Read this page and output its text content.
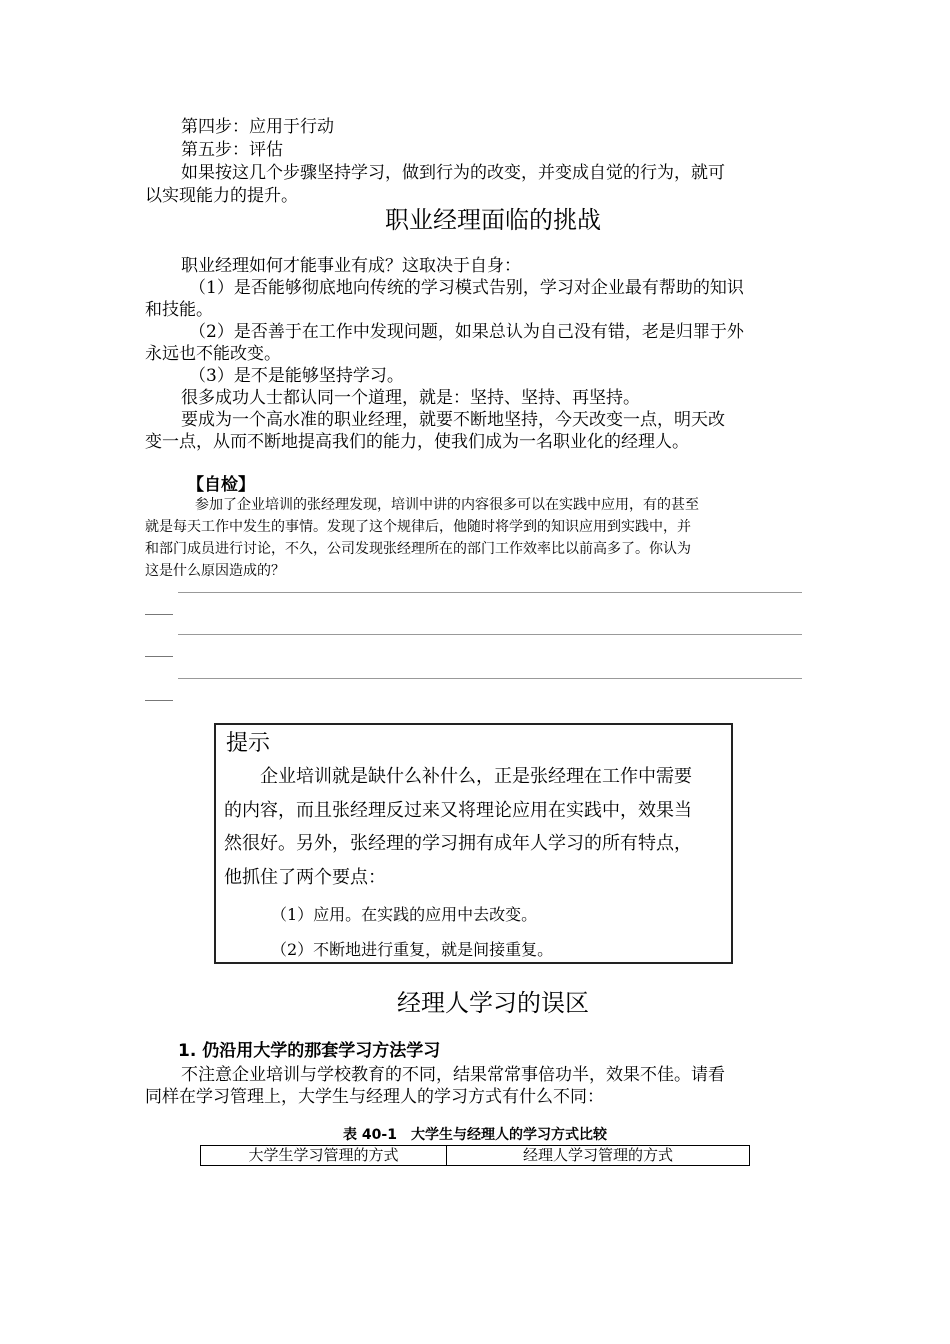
第四步：应用于行动
第五步：评估
如果按这几个步骤坚持学习，做到行为的改变，并变成自觉的行为，就可
以实现能力的提升。
职业经理面临的挑战
职业经理如何才能事业有成？这取决于自身：
（1）是否能够彻底地向传统的学习模式告别，学习对企业最有帮助的知识
和技能。
（2）是否善于在工作中发现问题，如果总认为自己没有错，老是归罪于外
永远也不能改变。
（3）是不是能够坚持学习。
很多成功人士都认同一个道理，就是：坚持、坚持、再坚持。
要成为一个高水准的职业经理，就要不断地坚持，今天改变一点，明天改
变一点，从而不断地提高我们的能力，使我们成为一名职业化的经理人。
【自检】
参加了企业培训的张经理发现，培训中讲的内容很多可以在实践中应用，有的甚至
就是每天工作中发生的事情。发现了这个规律后，他随时将学到的知识应用到实践中，并
和部门成员进行讨论，不久，公司发现张经理所在的部门工作效率比以前高多了。你认为
这是什么原因造成的？
提示
企业培训就是缺什么补什么，正是张经理在工作中需要
的内容，而且张经理反过来又将理论应用在实践中，效果当
然很好。另外，张经理的学习拥有成年人学习的所有特点，
他抓住了两个要点：
（1）应用。在实践的应用中去改变。
（2）不断地进行重复，就是间接重复。
经理人学习的误区
1. 仍沿用大学的那套学习方法学习
不注意企业培训与学校教育的不同，结果常常事倍功半，效果不佳。请看
同样在学习管理上，大学生与经理人的学习方式有什么不同：
表 40-1　大学生与经理人的学习方式比较
大学生学习管理的方式	经理人学习管理的方式
